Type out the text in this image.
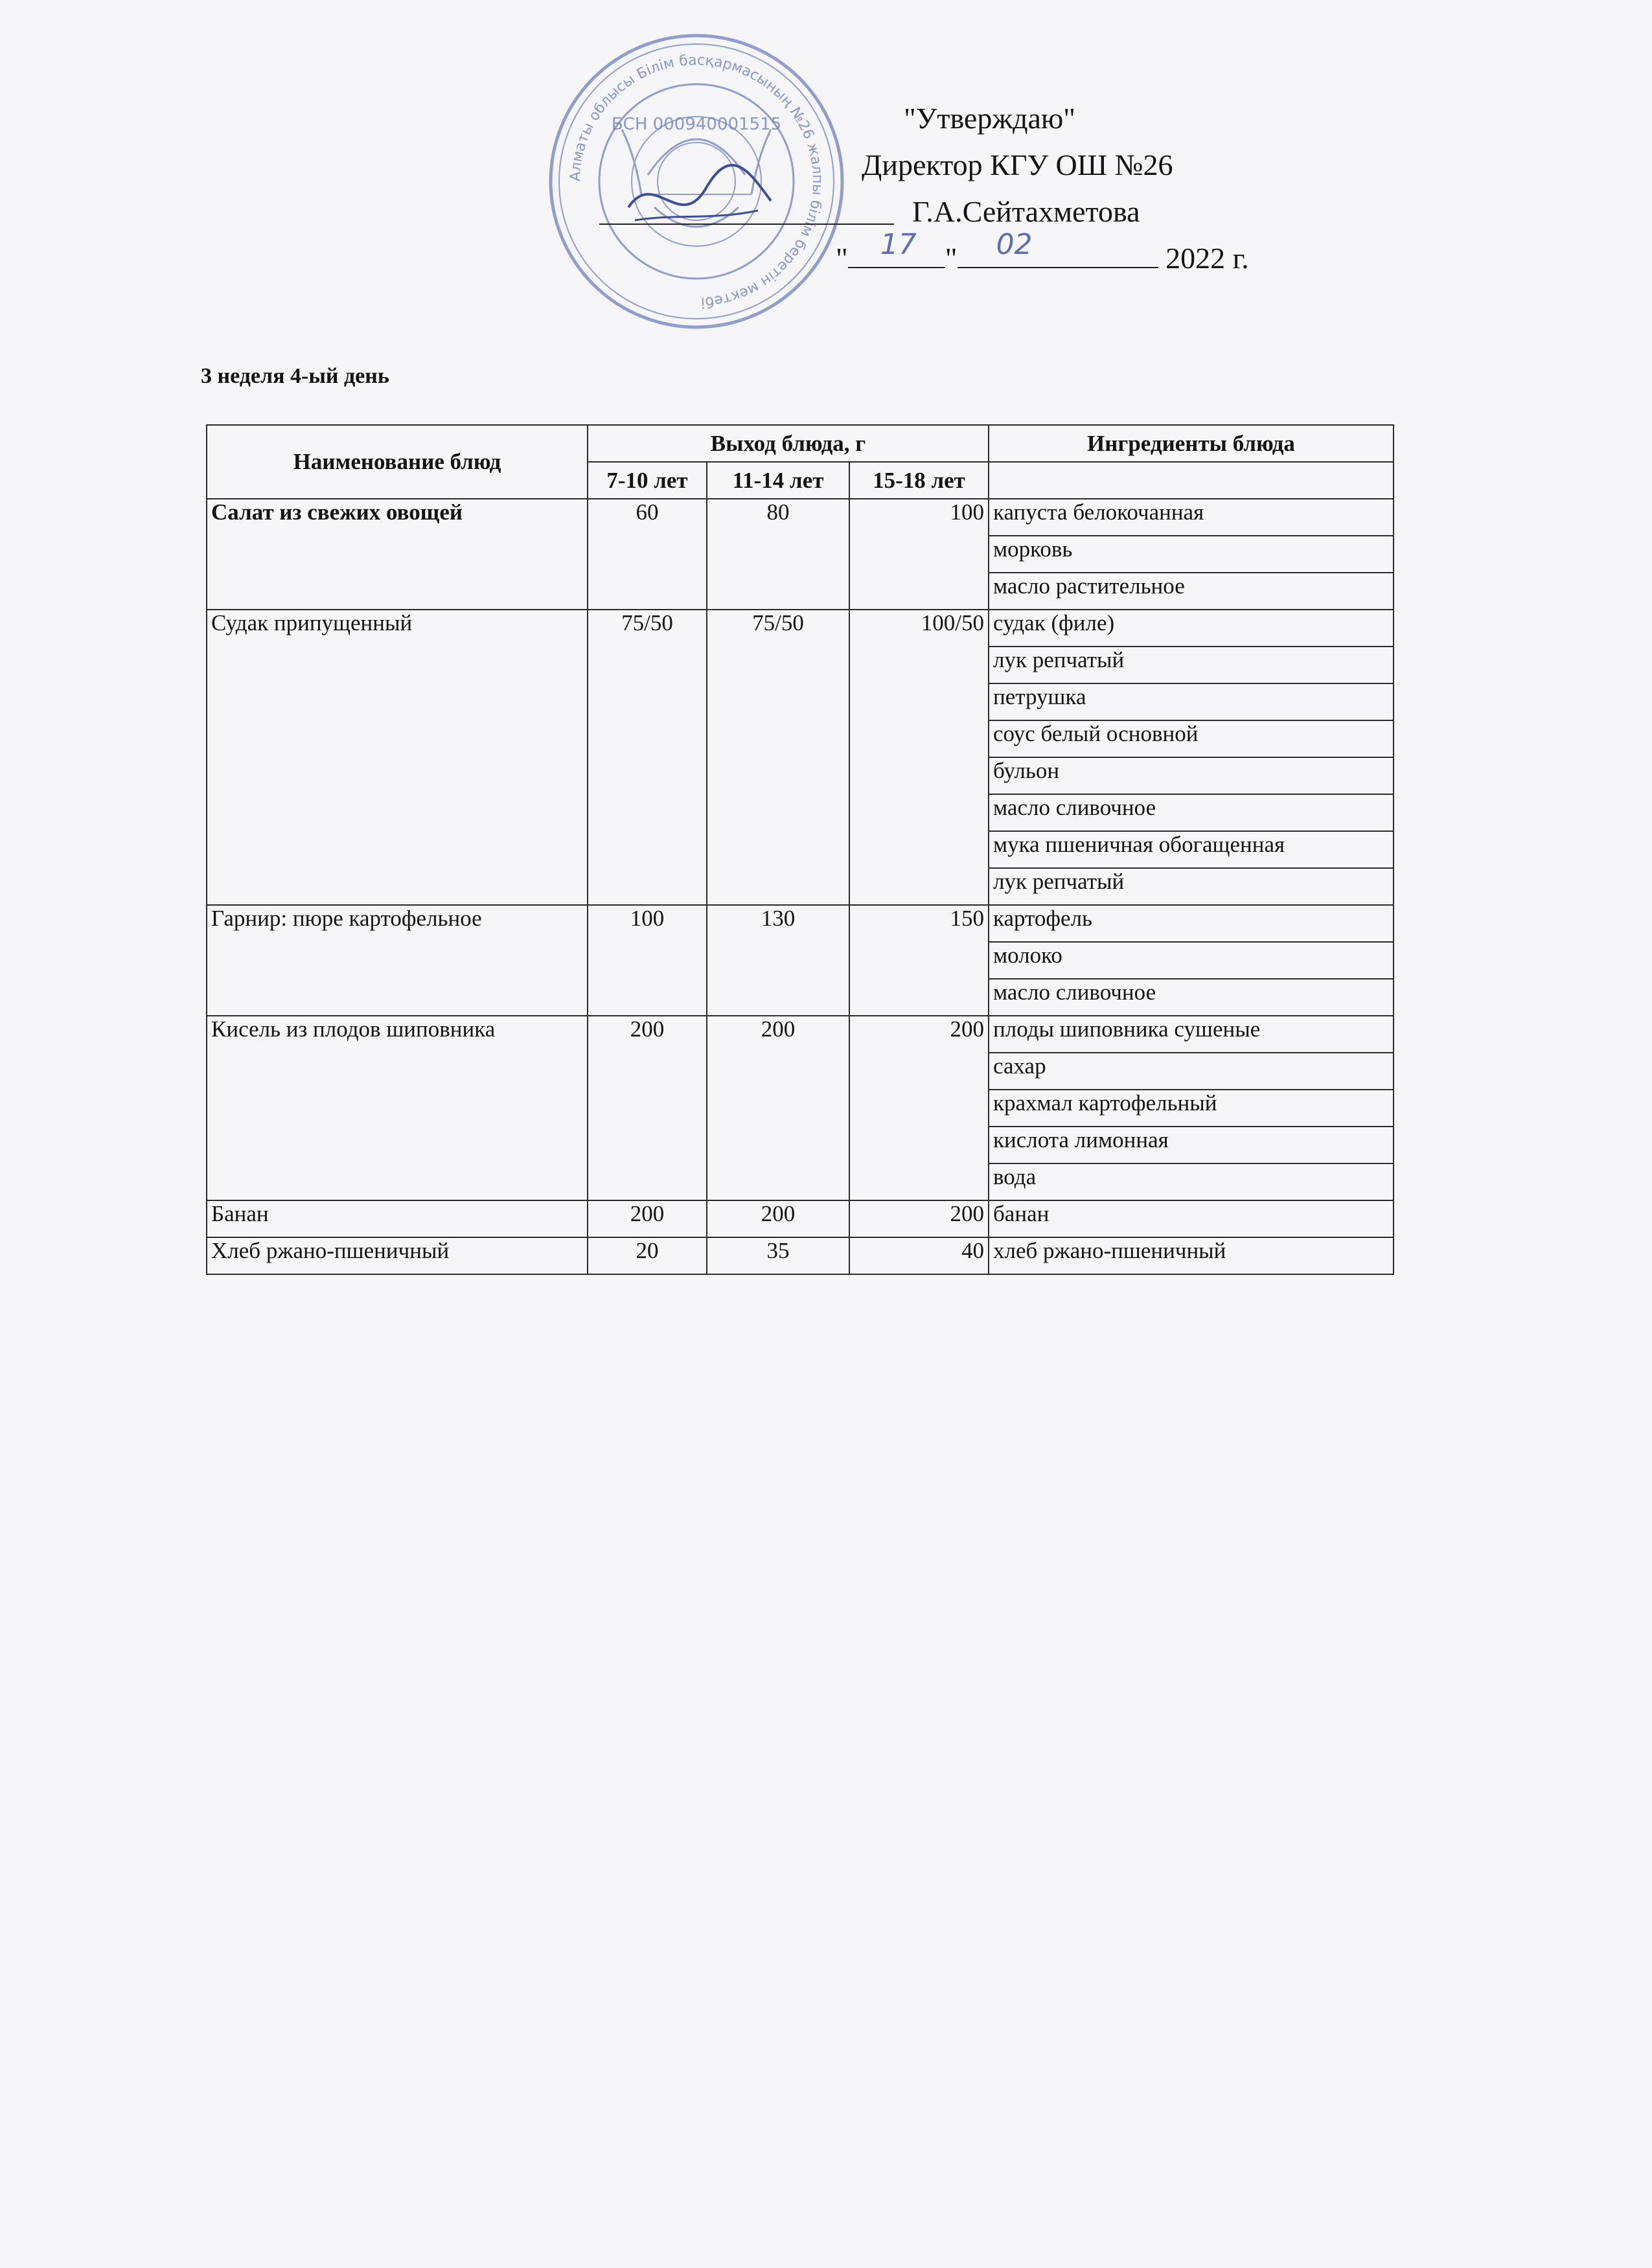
Алматы облысы Білім басқармасының №26 жалпы білім беретін мектебі
БСН 000940001515	"Утверждаю"
Директор КГУ ОШ №26
Г.А.Сейтахметова
" 17 " 02	2022 г.
3 неделя 4-ый день
Наименование блюд	Выход блюда, г			Ингредиенты блюда
	7-10 лет	11-14 лет	15-18 лет	
Салат из свежих овощей	60	80	100	капуста белокочанная
				морковь
				масло растительное
Судак припущенный	75/50	75/50	100/50	судак (филе)
				лук репчатый
				петрушка
				соус белый основной
				бульон
				масло сливочное
				мука пшеничная обогащенная
				лук репчатый
Гарнир: пюре картофельное	100	130	150	картофель
				молоко
				масло сливочное
Кисель из плодов шиповника	200	200	200	плоды шиповника сушеные
				сахар
				крахмал картофельный
				кислота лимонная
				вода
Банан	200	200	200	банан
Хлеб ржано-пшеничный	20	35	40	хлеб ржано-пшеничный
